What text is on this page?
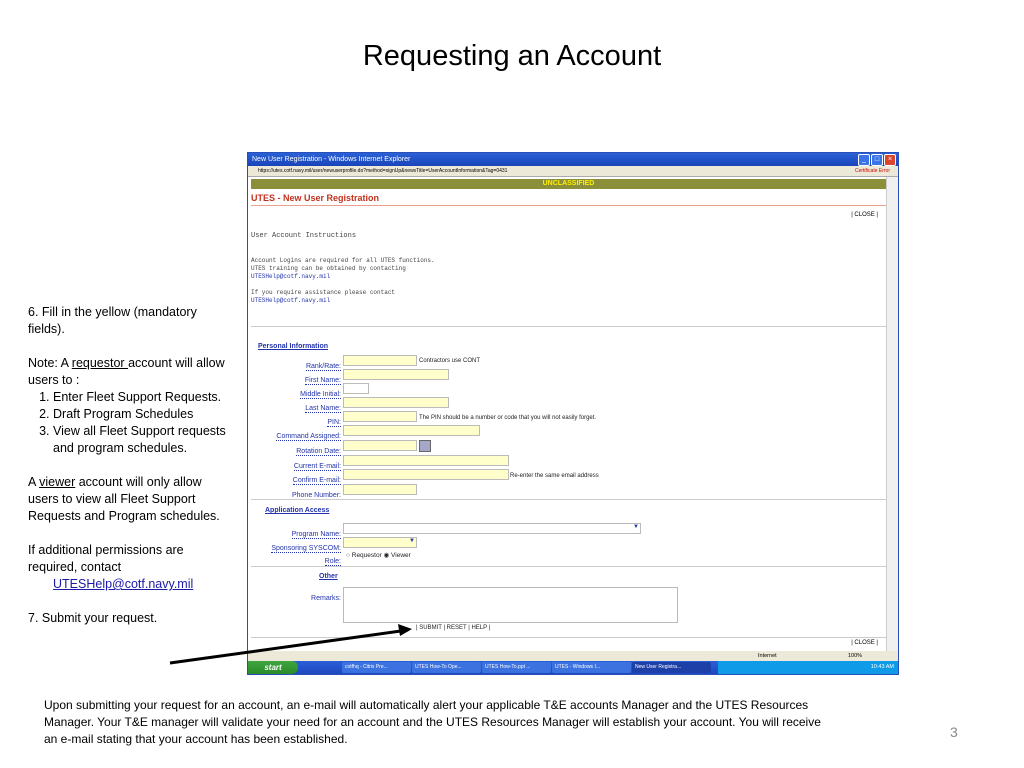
Requesting an Account

6. Fill in the yellow (mandatory fields).

Note: A requestor account will allow users to :
1. Enter Fleet Support Requests.
2. Draft Program Schedules
3. View all Fleet Support requests and program schedules.

A viewer account will only allow users to view all Fleet Support Requests and Program schedules.

If additional permissions are required, contact
UTESHelp@cotf.navy.mil

7. Submit your request.

New User Registration - Windows Internet Explorer	_	□	×
https://utes.cotf.navy.mil/user/newuserprofile.do?method=signUp&newsTitle=UserAccountInformation&Tag=0431	Certificate Error
UNCLASSIFIED
UTES - New User Registration
| CLOSE |
User Account Instructions
Account Logins are required for all UTES functions.
UTES training can be obtained by contacting
UTESHelp@cotf.navy.mil
If you require assistance please contact
UTESHelp@cotf.navy.mil
Personal Information
Rank/Rate:
Contractors use CONT
First Name:
Middle Initial:
Last Name:
PIN:
The PIN should be a number or code that you will not easily forget.
Command Assigned:
Rotation Date:
Current E-mail:
Confirm E-mail:
Re-enter the same email address
Phone Number:
Application Access
Program Name:
▼
Sponsoring SYSCOM:
▼
Role:
○ Requestor ◉ Viewer
Other
Remarks:
| SUBMIT | RESET | HELP |
| CLOSE |
Internet	100%
start	cotfhq - Citrix Pre...	UTES How-To Ope...	UTES How-To.ppt ...	UTES - Windows I...	New User Registra...	10:43 AM
Upon submitting your request for an account, an e-mail will automatically alert your applicable T&E accounts Manager and the UTES Resources Manager. Your T&E manager will validate your need for an account and the UTES Resources Manager will establish your account. You will receive an e-mail stating that your account has been established.	3
